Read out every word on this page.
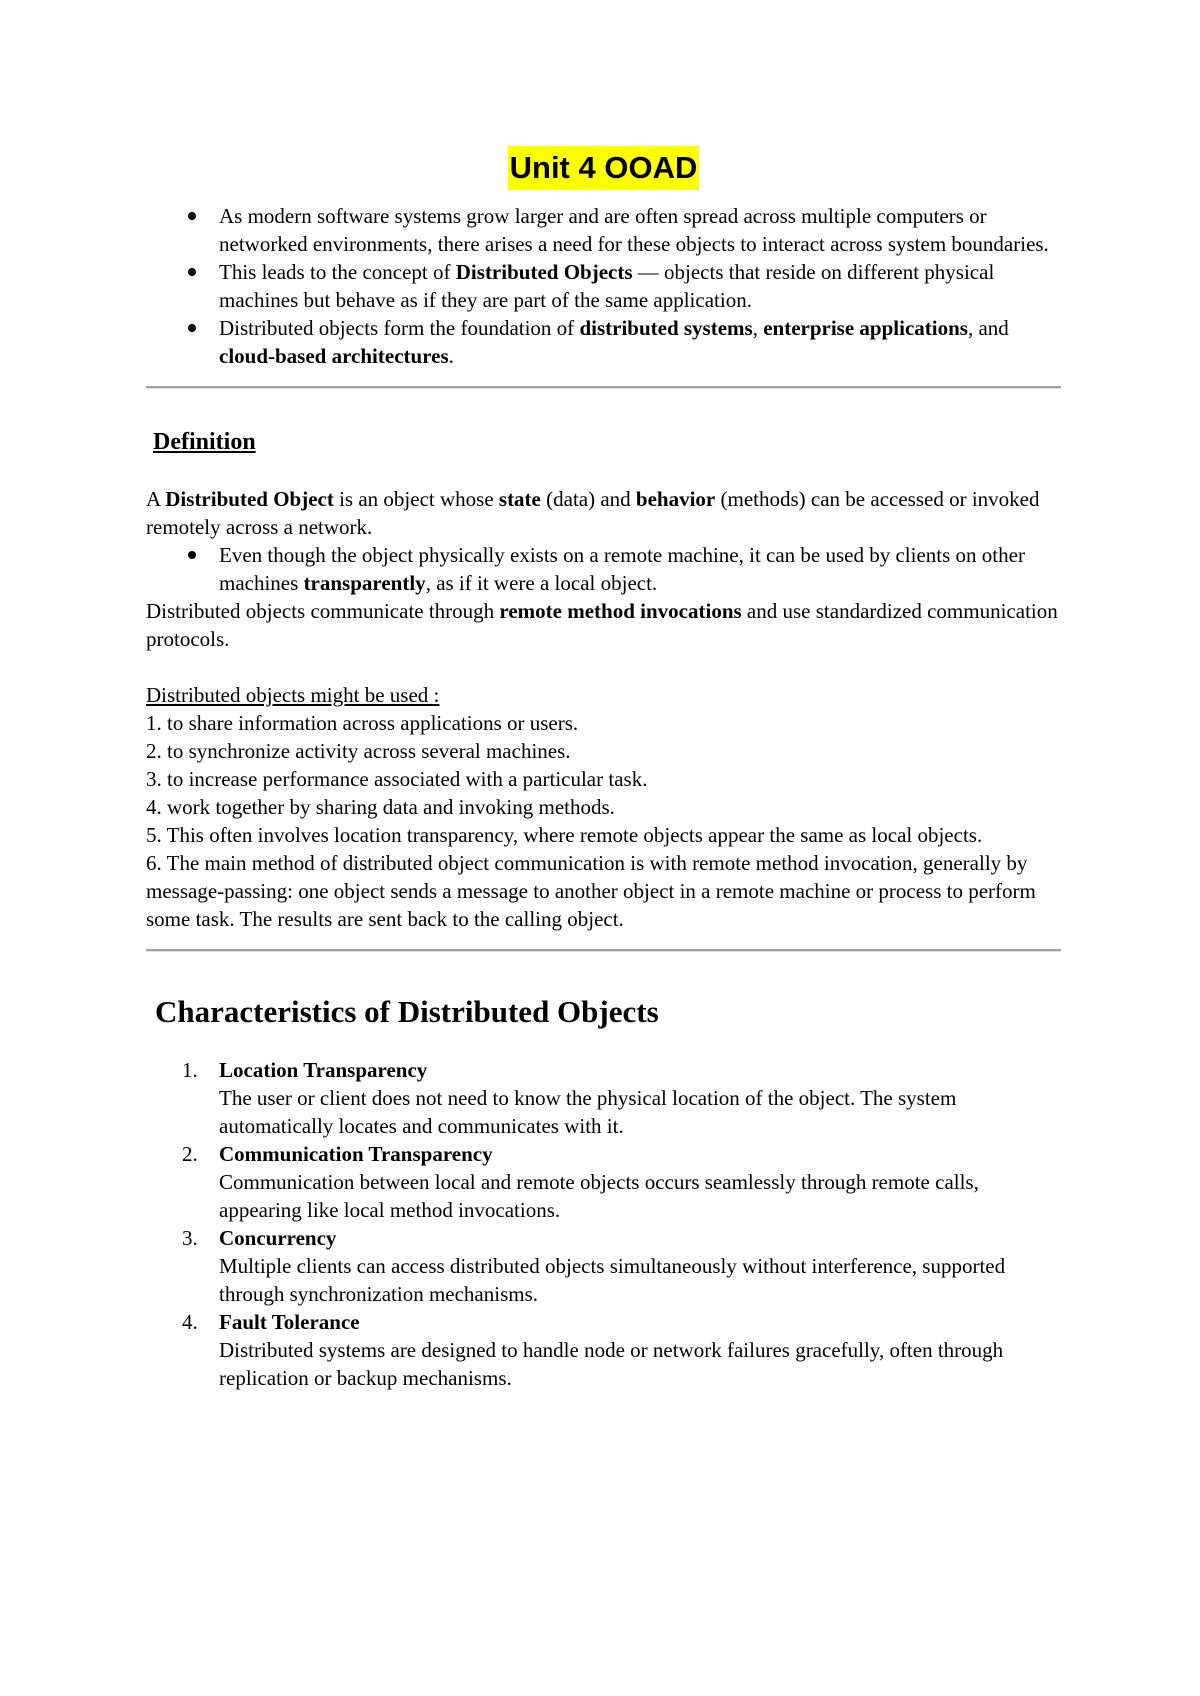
Unit 4 OOAD
As modern software systems grow larger and are often spread across multiple computers or networked environments, there arises a need for these objects to interact across system boundaries.
This leads to the concept of Distributed Objects — objects that reside on different physical machines but behave as if they are part of the same application.
Distributed objects form the foundation of distributed systems, enterprise applications, and cloud-based architectures.
Definition

A Distributed Object is an object whose state (data) and behavior (methods) can be accessed or invoked remotely across a network.

Even though the object physically exists on a remote machine, it can be used by clients on other machines transparently, as if it were a local object.

Distributed objects communicate through remote method invocations and use standardized communication protocols.

Distributed objects might be used :

1. to share information across applications or users.

2. to synchronize activity across several machines.

3. to increase performance associated with a particular task.

4. work together by sharing data and invoking methods.

5. This often involves location transparency, where remote objects appear the same as local objects.

6. The main method of distributed object communication is with remote method invocation, generally by message-passing: one object sends a message to another object in a remote machine or process to perform some task. The results are sent back to the calling object.

Characteristics of Distributed Objects
1. Location Transparency
The user or client does not need to know the physical location of the object. The system automatically locates and communicates with it.
2. Communication Transparency
Communication between local and remote objects occurs seamlessly through remote calls, appearing like local method invocations.
3. Concurrency
Multiple clients can access distributed objects simultaneously without interference, supported through synchronization mechanisms.
4. Fault Tolerance
Distributed systems are designed to handle node or network failures gracefully, often through replication or backup mechanisms.
